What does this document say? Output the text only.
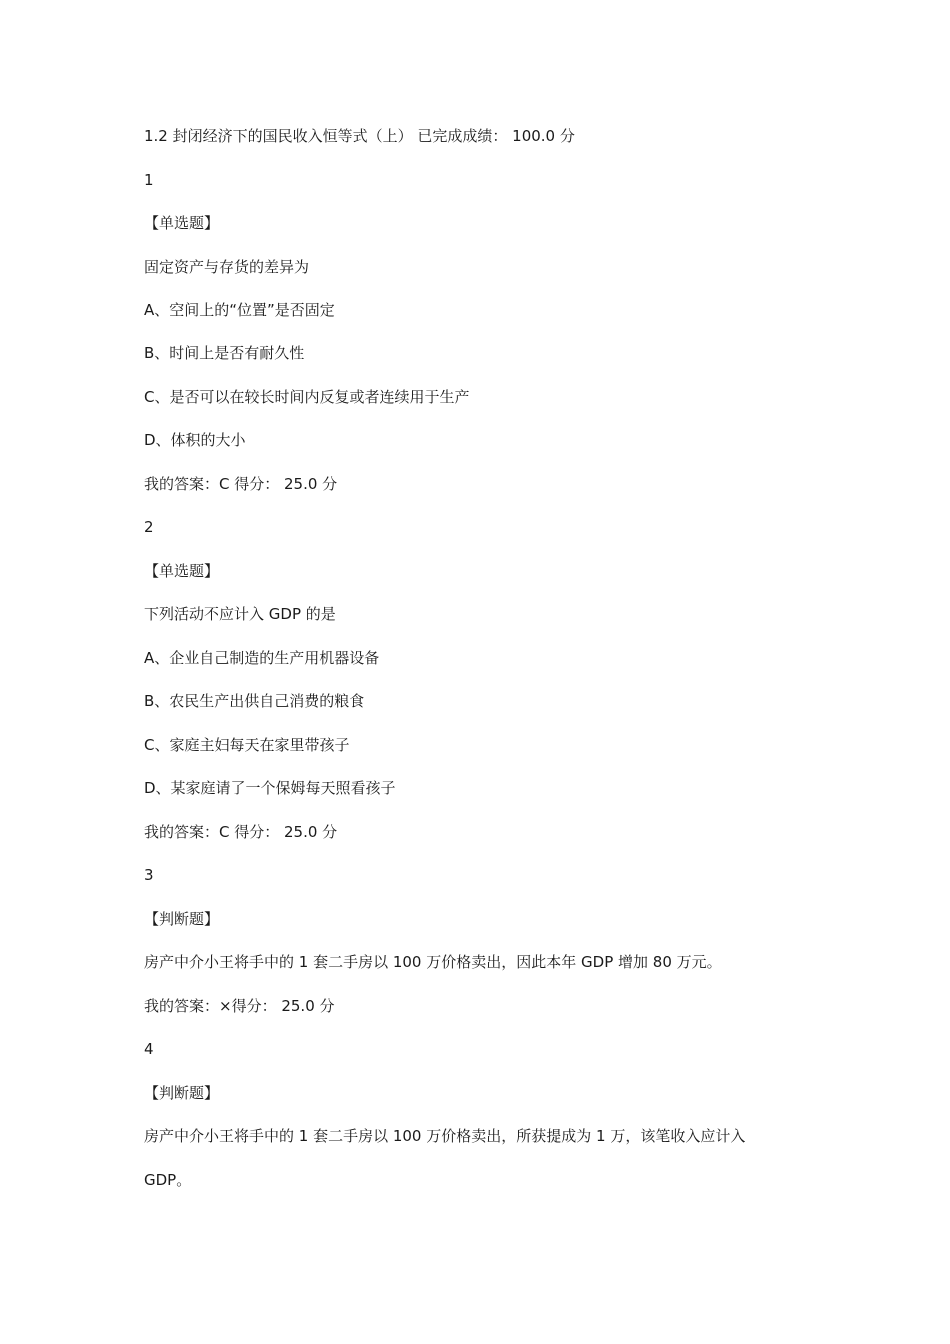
1.2 封闭经济下的国民收入恒等式（上） 已完成成绩： 100.0 分
1
【单选题】
固定资产与存货的差异为
A、空间上的“位置”是否固定
B、时间上是否有耐久性
C、是否可以在较长时间内反复或者连续用于生产
D、体积的大小
我的答案：C 得分： 25.0 分
2
【单选题】
下列活动不应计入 GDP 的是
A、企业自己制造的生产用机器设备
B、农民生产出供自己消费的粮食
C、家庭主妇每天在家里带孩子
D、某家庭请了一个保姆每天照看孩子
我的答案：C 得分： 25.0 分
3
【判断题】
房产中介小王将手中的 1 套二手房以 100 万价格卖出，因此本年 GDP 增加 80 万元。
我的答案：×得分： 25.0 分
4
【判断题】
房产中介小王将手中的 1 套二手房以 100 万价格卖出，所获提成为 1 万，该笔收入应计入
GDP。
